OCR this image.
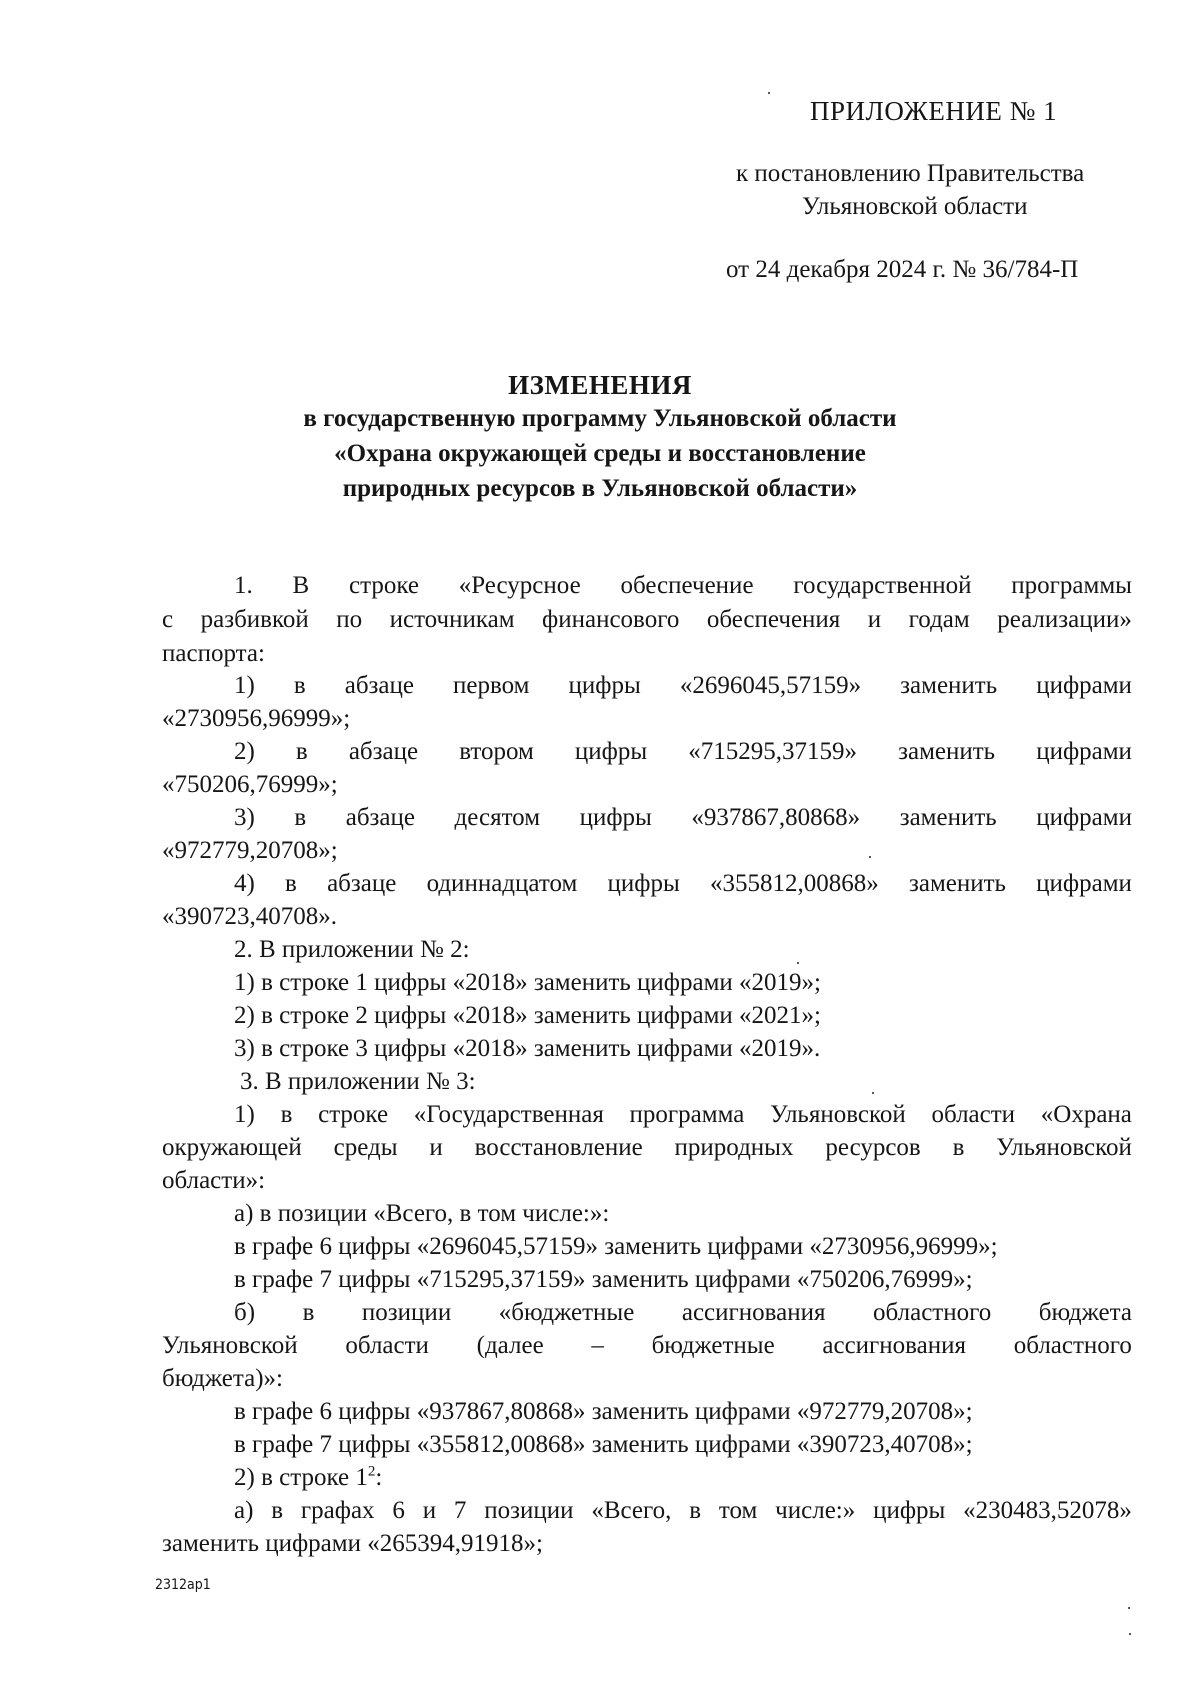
ПРИЛОЖЕНИЕ № 1
к постановлению Правительства
Ульяновской области
от 24 декабря 2024 г. № 36/784-П
ИЗМЕНЕНИЯ
в государственную программу Ульяновской области
«Охрана окружающей среды и восстановление
природных ресурсов в Ульяновской области»
1. В строке «Ресурсное обеспечение государственной программы
с разбивкой по источникам финансового обеспечения и годам реализации»
паспорта:
1) в абзаце первом цифры «2696045,57159» заменить цифрами
«2730956,96999»;
2) в абзаце втором цифры «715295,37159» заменить цифрами
«750206,76999»;
3) в абзаце десятом цифры «937867,80868» заменить цифрами
«972779,20708»;
4) в абзаце одиннадцатом цифры «355812,00868» заменить цифрами
«390723,40708».
2. В приложении № 2:
1) в строке 1 цифры «2018» заменить цифрами «2019»;
2) в строке 2 цифры «2018» заменить цифрами «2021»;
3) в строке 3 цифры «2018» заменить цифрами «2019».
3. В приложении № 3:
1) в строке «Государственная программа Ульяновской области «Охрана
окружающей среды и восстановление природных ресурсов в Ульяновской
области»:
а) в позиции «Всего, в том числе:»:
в графе 6 цифры «2696045,57159» заменить цифрами «2730956,96999»;
в графе 7 цифры «715295,37159» заменить цифрами «750206,76999»;
б) в позиции «бюджетные ассигнования областного бюджета
Ульяновской области (далее – бюджетные ассигнования областного
бюджета)»:
в графе 6 цифры «937867,80868» заменить цифрами «972779,20708»;
в графе 7 цифры «355812,00868» заменить цифрами «390723,40708»;
2) в строке $1^2$:
а) в графах 6 и 7 позиции «Всего, в том числе:» цифры «230483,52078»
заменить цифрами «265394,91918»;
2312ap1
